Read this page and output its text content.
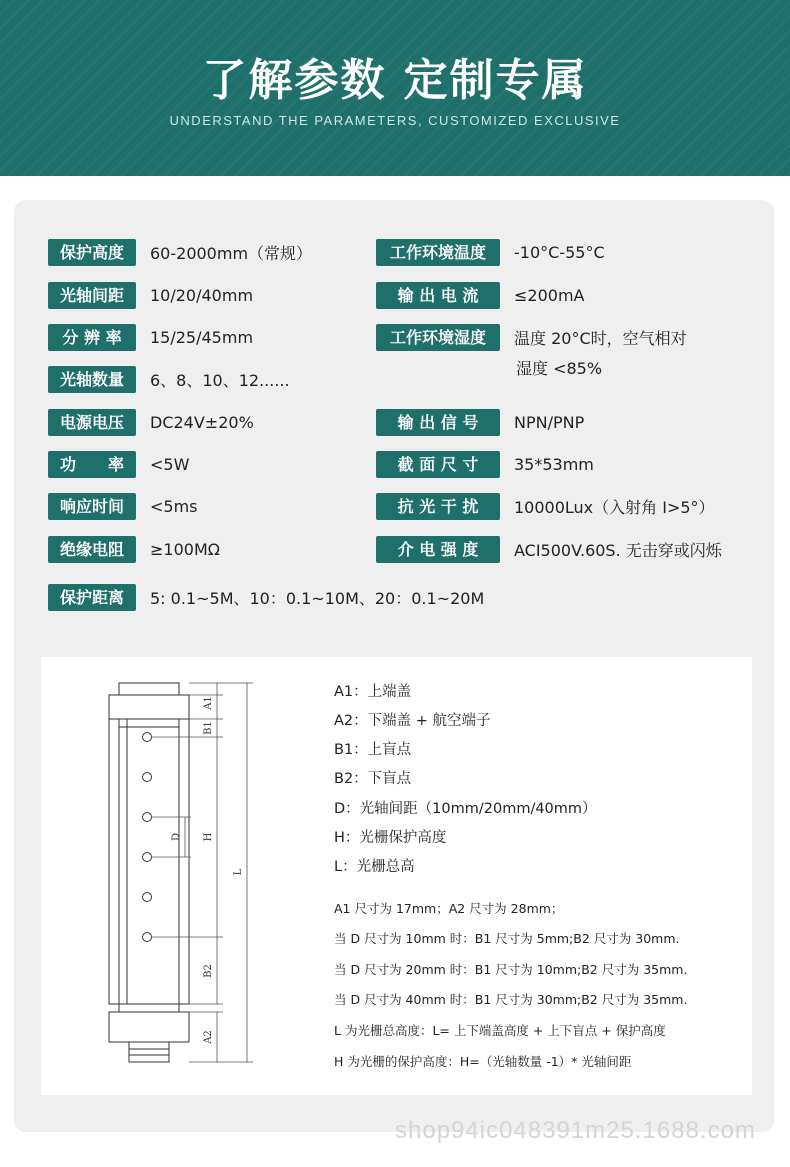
了解参数 定制专属
UNDERSTAND THE PARAMETERS, CUSTOMIZED EXCLUSIVE
保护高度	60-2000mm（常规）
光轴间距	10/20/40mm
分 辨 率	15/25/45mm
光轴数量	6、8、10、12......
电源电压	DC24V±20%
功　　率	<5W
响应时间	<5ms
绝缘电阻	≥100MΩ
工作环境温度	-10°C-55°C
输 出 电 流	≤200mA
工作环境湿度	温度 20°C时，空气相对
湿度 <85%
输 出 信 号	NPN/PNP
截 面 尺 寸	35*53mm
抗 光 干 扰	10000Lux（入射角 I>5°）
介 电 强 度	ACI500V.60S. 无击穿或闪烁
保护距离	5: 0.1~5M、10：0.1~10M、20：0.1~20M
A1
B1
D H
L
B2
A2
A1：上端盖
A2：下端盖 + 航空端子
B1：上盲点
B2：下盲点
D：光轴间距（10mm/20mm/40mm）
H：光栅保护高度
L：光栅总高
A1 尺寸为 17mm；A2 尺寸为 28mm；
当 D 尺寸为 10mm 时：B1 尺寸为 5mm;B2 尺寸为 30mm.
当 D 尺寸为 20mm 时：B1 尺寸为 10mm;B2 尺寸为 35mm.
当 D 尺寸为 40mm 时：B1 尺寸为 30mm;B2 尺寸为 35mm.
L 为光栅总高度：L= 上下端盖高度 + 上下盲点 + 保护高度
H 为光栅的保护高度：H=（光轴数量 -1）* 光轴间距
shop94ic048391m25.1688.com
